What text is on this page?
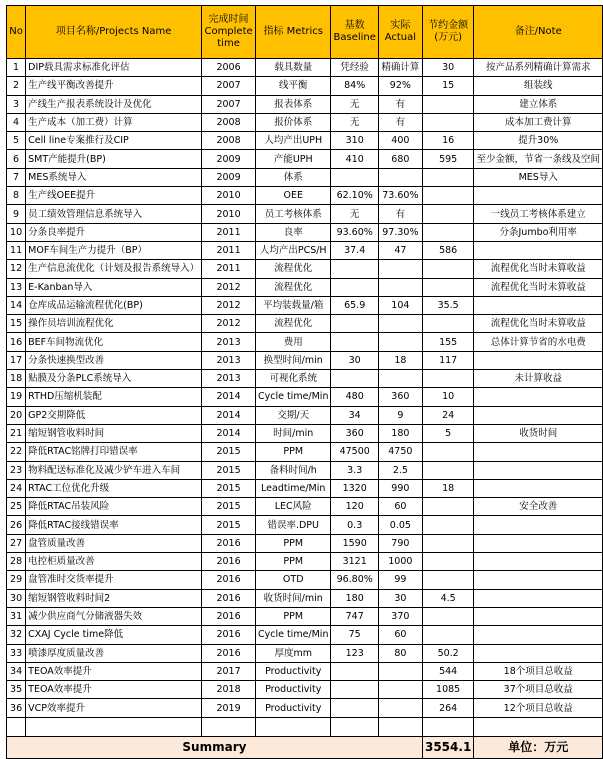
No	项目名称/Projects Name	完成时间 Complete time	指标 Metrics	基数 Baseline	实际 Actual	节约金额 (万元)	备注/Note
1	DIP载具需求标准化评估	2006	载具数量	凭经验	精确计算	30	按产品系列精确计算需求
2	生产线平衡改善提升	2007	线平衡	84%	92%	15	组装线
3	产线生产报表系统设计及优化	2007	报表体系	无	有		建立体系
4	生产成本（加工费）计算	2008	报价体系	无	有		成本加工费计算
5	Cell line专案推行及CIP	2008	人均产出UPH	310	400	16	提升30%
6	SMT产能提升(BP)	2009	产能UPH	410	680	595	至少金额，节省一条线及空间
7	MES系统导入	2009	体系				MES导入
8	生产线OEE提升	2010	OEE	62.10%	73.60%		
9	员工绩效管理信息系统导入	2010	员工考核体系	无	有		一线员工考核体系建立
10	分条良率提升	2011	良率	93.60%	97.30%		分条Jumbo利用率
11	MOF车间生产力提升（BP）	2011	人均产出PCS/H	37.4	47	586	
12	生产信息流优化（计划及报告系统导入）	2011	流程优化				流程优化当时未算收益
13	E-Kanban导入	2012	流程优化				流程优化当时未算收益
14	仓库成品运输流程优化(BP)	2012	平均装载量/箱	65.9	104	35.5	
15	操作员培训流程优化	2012	流程优化				流程优化当时未算收益
16	BEF车间物流优化	2013	费用			155	总体计算节省的水电费
17	分条快速换型改善	2013	换型时间/min	30	18	117	
18	贴膜及分条PLC系统导入	2013	可视化系统				未计算收益
19	RTHD压缩机装配	2014	Cycle time/Min	480	360	10	
20	GP2交期降低	2014	交期/天	34	9	24	
21	缩短钢管收料时间	2014	时间/min	360	180	5	收货时间
22	降低RTAC铭牌打印错误率	2015	PPM	47500	4750		
23	物料配送标准化及减少铲车进入车间	2015	备料时间/h	3.3	2.5		
24	RTAC工位优化升级	2015	Leadtime/Min	1320	990	18	
25	降低RTAC吊装风险	2015	LEC风险	120	60		安全改善
26	降低RTAC接线错误率	2015	错误率.DPU	0.3	0.05		
27	盘管质量改善	2016	PPM	1590	790		
28	电控柜质量改善	2016	PPM	3121	1000		
29	盘管准时交货率提升	2016	OTD	96.80%	99		
30	缩短钢管收料时间2	2016	收货时间/min	180	30	4.5	
31	减少供应商气分储液器失效	2016	PPM	747	370		
32	CXAJ Cycle time降低	2016	Cycle time/Min	75	60		
33	喷漆厚度质量改善	2016	厚度mm	123	80	50.2	
34	TEOA效率提升	2017	Productivity			544	18个项目总收益
35	TEOA效率提升	2018	Productivity			1085	37个项目总收益
36	VCP效率提升	2019	Productivity			264	12个项目总收益

Summary						3554.1	单位：万元
